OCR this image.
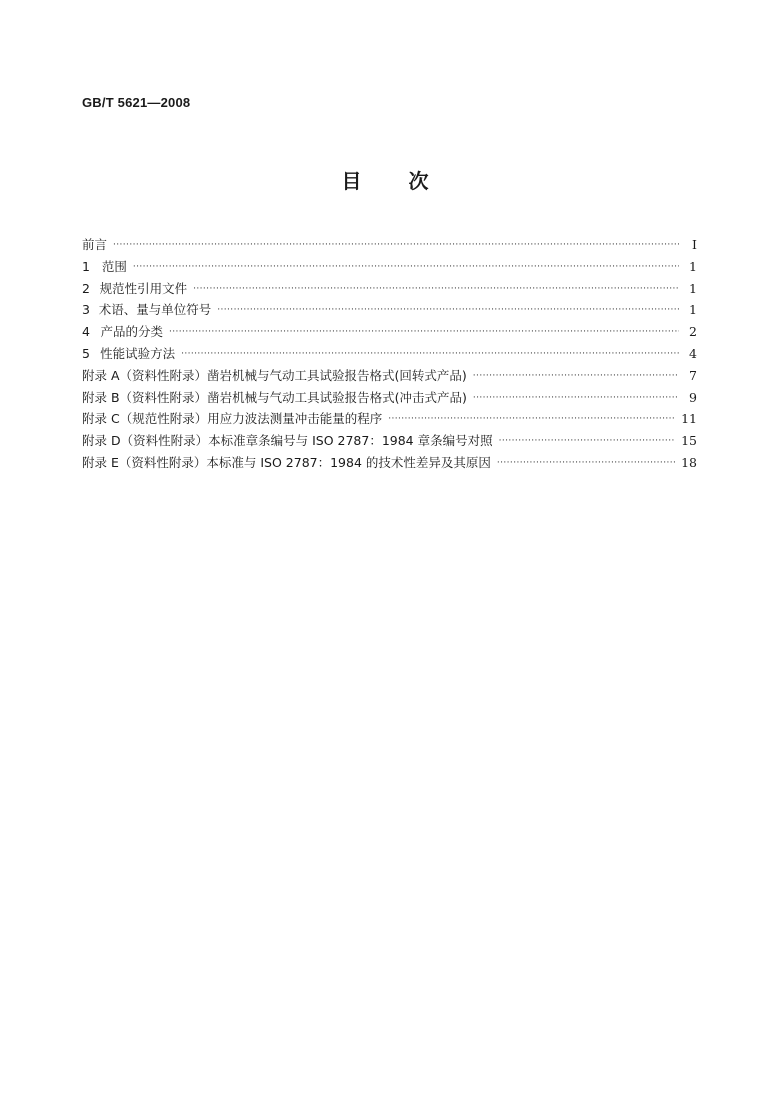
GB/T 5621—2008
目 次
前言 ·····	I
1 范围 ·····	1
2 规范性引用文件 ·····	1
3 术语、量与单位符号 ·····	1
4 产品的分类 ·····	2
5 性能试验方法 ·····	4
附录 A（资料性附录） 凿岩机械与气动工具试验报告格式(回转式产品) ·····	7
附录 B（资料性附录） 凿岩机械与气动工具试验报告格式(冲击式产品) ·····	9
附录 C（规范性附录） 用应力波法测量冲击能量的程序 ·····	11
附录 D（资料性附录） 本标准章条编号与 ISO 2787：1984 章条编号对照 ·····	15
附录 E（资料性附录） 本标准与 ISO 2787：1984 的技术性差异及其原因 ·····	18
